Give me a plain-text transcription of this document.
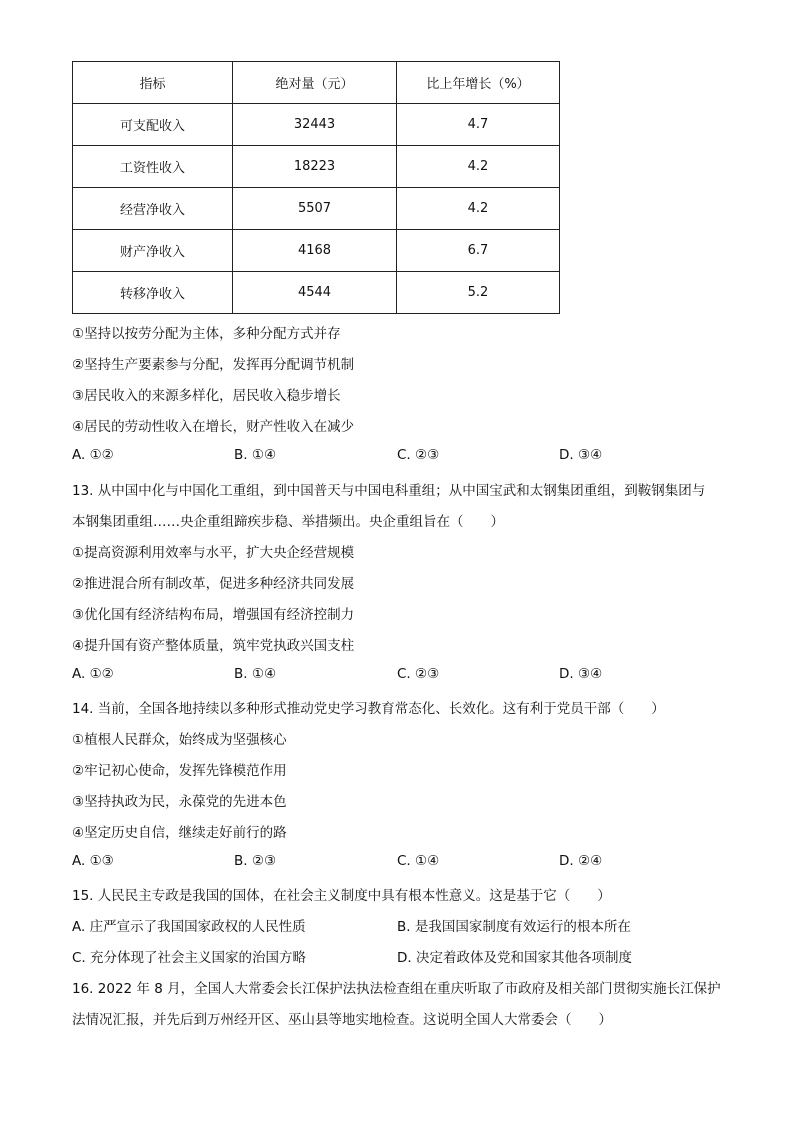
指标	绝对量（元）	比上年增长（%）
可支配收入	32443	4.7
工资性收入	18223	4.2
经营净收入	5507	4.2
财产净收入	4168	6.7
转移净收入	4544	5.2
①坚持以按劳分配为主体，多种分配方式并存
②坚持生产要素参与分配，发挥再分配调节机制
③居民收入的来源多样化，居民收入稳步增长
④居民的劳动性收入在增长，财产性收入在减少
A. ①②	B. ①④	C. ②③	D. ③④
13. 从中国中化与中国化工重组，到中国普天与中国电科重组；从中国宝武和太钢集团重组，到鞍钢集团与
本钢集团重组……央企重组蹄疾步稳、举措频出。央企重组旨在（　　）
①提高资源利用效率与水平，扩大央企经营规模
②推进混合所有制改革，促进多种经济共同发展
③优化国有经济结构布局，增强国有经济控制力
④提升国有资产整体质量，筑牢党执政兴国支柱
A. ①②	B. ①④	C. ②③	D. ③④
14. 当前，全国各地持续以多种形式推动党史学习教育常态化、长效化。这有利于党员干部（　　）
①植根人民群众，始终成为坚强核心
②牢记初心使命，发挥先锋模范作用
③坚持执政为民，永葆党的先进本色
④坚定历史自信，继续走好前行的路
A. ①③	B. ②③	C. ①④	D. ②④
15. 人民民主专政是我国的国体，在社会主义制度中具有根本性意义。这是基于它（　　）
A. 庄严宣示了我国国家政权的人民性质	B. 是我国国家制度有效运行的根本所在
C. 充分体现了社会主义国家的治国方略	D. 决定着政体及党和国家其他各项制度
16. 2022 年 8 月，全国人大常委会长江保护法执法检查组在重庆听取了市政府及相关部门贯彻实施长江保护
法情况汇报，并先后到万州经开区、巫山县等地实地检查。这说明全国人大常委会（　　）
